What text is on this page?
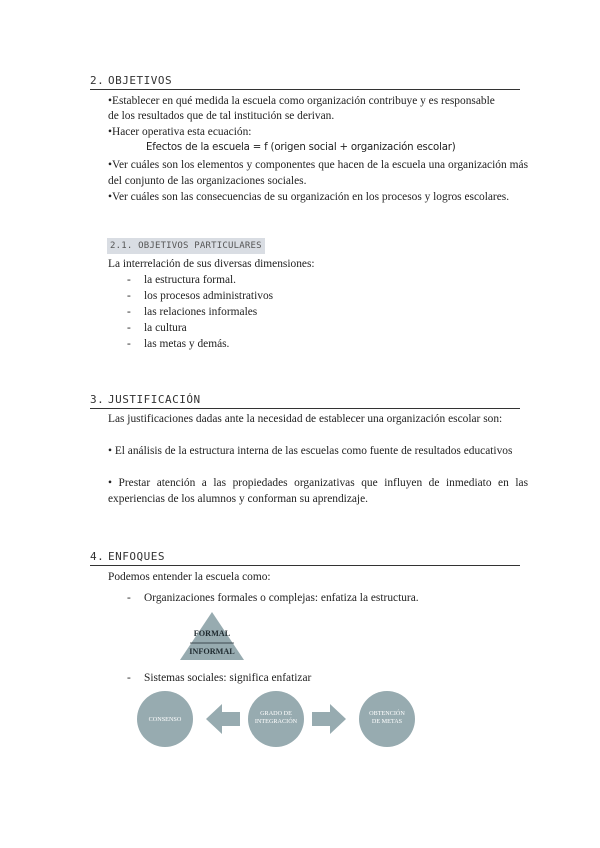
2. OBJETIVOS
•Establecer en qué medida la escuela como organización contribuye y es responsable
de los resultados que de tal institución se derivan.
•Hacer operativa esta ecuación:
Efectos de la escuela = f (origen social + organización escolar)
•Ver cuáles son los elementos y componentes que hacen de la escuela una organización más del conjunto de las organizaciones sociales.
•Ver cuáles son las consecuencias de su organización en los procesos y logros escolares.
2.1. OBJETIVOS PARTICULARES
La interrelación de sus diversas dimensiones:
- la estructura formal.
- los procesos administrativos
- las relaciones informales
- la cultura
- las metas y demás.
3. JUSTIFICACIÓN
Las justificaciones dadas ante la necesidad de establecer una organización escolar son:
• El análisis de la estructura interna de las escuelas como fuente de resultados educativos
• Prestar atención a las propiedades organizativas que influyen de inmediato en las experiencias de los alumnos y conforman su aprendizaje.
4. ENFOQUES
Podemos entender la escuela como:
- Organizaciones formales o complejas: enfatiza la estructura.
FORMAL
INFORMAL
- Sistemas sociales: significa enfatizar
CONSENSO
GRADO DE
INTEGRACIÓN
OBTENCIÓN
DE METAS
